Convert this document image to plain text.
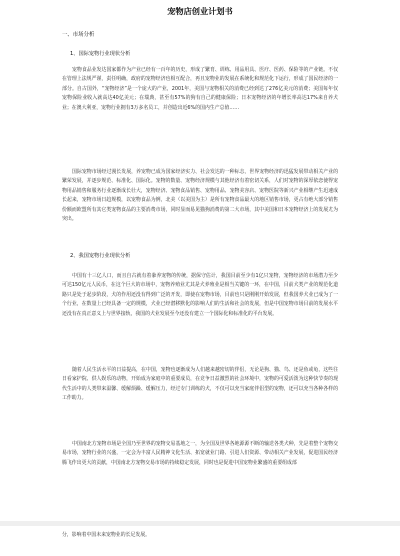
宠物店创业计划书
一、市场分析
1、国际宠物行业现状分析

宠物食品业发达国家都作为产业已经有一百年的历史，形成了繁育、训练、用品用具、医疗、医药、保险等的产业链。不仅在管理上法规严谨，责任明确，政府的宠物经济也相互配合，再且宠物业的发展在系统化和规范化下运行，形成了国民经济的一部分。自古国外，“宠物经济”是一个庞大的产业，2001年，美国与宠物相关的消费已经到达了276亿美元的消费；美国每年仅宠物保险业收入就高达40亿美元；在瑞典，甚至有57%的狗有自己的健康保险；日本宠物经济的年增长率高达17%来自养犬业；在澳大利亚，宠物行业拥有3万多名员工，并创造出近6%的国内生产总值……

国际宠物市场经过漫长发展，养宠物已成为国家经济实力、社会发达的一种标志，世界宠物经济的迅猛发展带动相关产业的繁荣发展，并逐步规范、标准化、国际化。宠物的数量、宠物经济规模与其他经济有着密切关系，人们对宠物的深厚依恋使得宠物用品销售和服务行业逐渐成长壮大，宠物经济、宠物食品销售、宠物用品、宠物美容店、宠物医院等新兴产业相继产生迅速成长起来，宠物市场日趋规模，以宠物食品为例，北美（以美国为主）是所有宠物食品最大的地区销售市场，更占有绝大部分销售份额而欧盟所有其它类宠物食品的主要消费市场，同时显而易见猫狗消费的第二大市场，其中美国和日本宠物经济上的发展尤为突出。

2、我国宠物行业现状分析

中国有十三亿人口，而且自古就有着豢养宠物的传统，据保守估计，我国目前至少有1亿只宠物，宠物经济的市场潜力至少可达150亿元人民币，在这个巨大的市场中，宠物养殖业尤其是犬养殖业是相当关键的一环，在中国，目前犬类产业的规范化道路只是处于起步阶段，犬的作用还没有得到广泛的开发，即使在宠物市场，目前也只是刚刚开始发展，但我国养犬业已成为了一个行业，在数量上已经具备一定的规模，犬业已经潜移默化的影响人们的生活和社会的发展，但是中国宠物市场目前的发展水平还没有在真正意义上与世界接轨，我国的犬业发展至今还没有建立一个国际化和标准化的平台发展。

随着人民生活水平的日益提高，在中国，宠物也逐渐成为人们越来越密切的伴侣，无论是狗、猫、鸟、还是鱼或龟，这些往日看家护院、供人娱乐的动物，开始成为家庭中的重要成员，在竞争日益激烈的社会环境中，宠物的可爱活泼为这种快节奏的现代生活中的人类带来温馨、缓解烦躁、缓解压力，经过专门训练的犬，不仅可以充当家庭伴侣型的宠物，还可以充当各种各样的工作助力。

中国南北方宠物市场是全国乃至世界的宠物交易基地之一，为全国及世界各地源源不断的输送各类犬种，先是着整个宠物交易市场，宠物行业的兴盛，一定会为丰富人民精神文化生活、拓宽就业门路、引进人们资源、带动相关产业发展，促进国民经济腾飞作出更大的贡献，中国南北方宠物交易市场的持续稳定发展，同时也是促进中国宠物业繁盛的重要组成部

分，影响着中国未来宠物业的长足发展。
